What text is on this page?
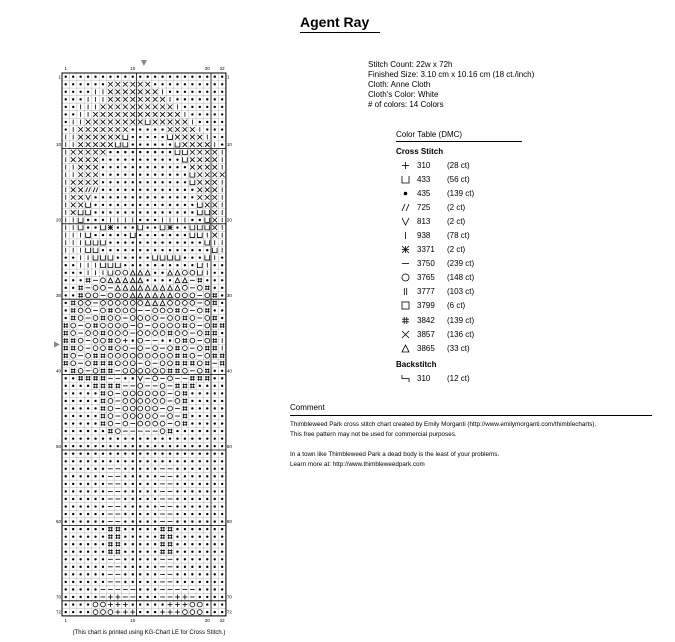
Agent Ray
1
1
10
10
20
20
22
22
1	1
10	10
20	20
30	30
40	40
50	50
60	60
70	70
72	72
(This chart is printed using KG-Chart LE for Cross Stitch.)
Stitch Count: 22w x 72h
Finished Size: 3.10 cm x 10.16 cm (18 ct./inch)
Cloth: Anne Cloth
Cloth's Color: White
# of colors: 14 Colors
Color Table (DMC)
Cross Stitch
310	(28 ct)
433	(56 ct)
435	(139 ct)
725	(2 ct)
813	(2 ct)
938	(78 ct)
3371	(2 ct)
3750	(239 ct)
3765	(148 ct)
3777	(103 ct)
3799	(6 ct)
3842	(139 ct)
3857	(136 ct)
3865	(33 ct)
Backstitch
310	(12 ct)
Comment
Thimbleweed Park cross stitch chart created by Emily Morganti (http://www.emilymorganti.com/thimblecharts).
This free pattern may not be used for commercial purposes.
In a town like Thimbleweed Park a dead body is the least of your problems.
Learn more at: http://www.thimbleweedpark.com
